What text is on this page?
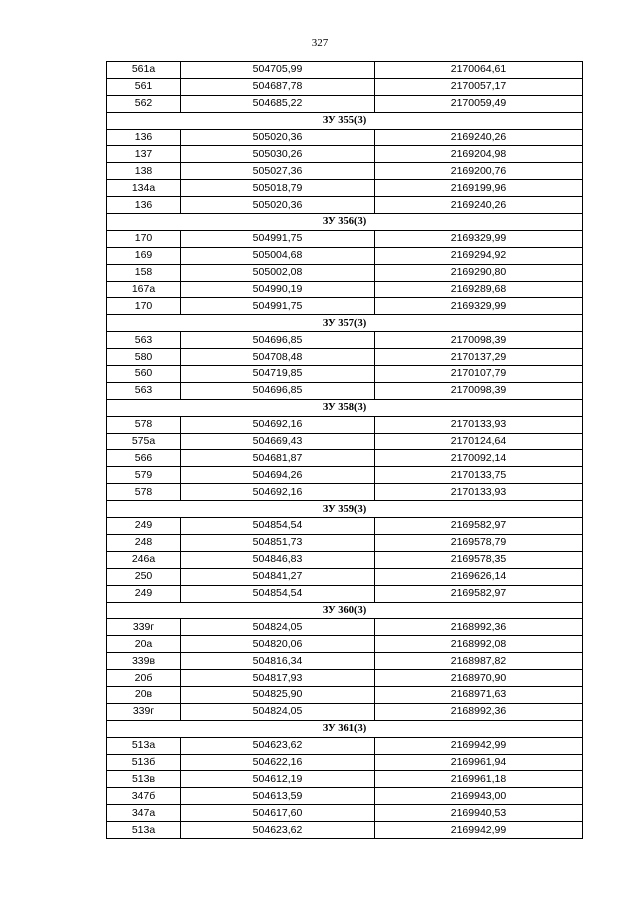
327
561а	504705,99	2170064,61
561	504687,78	2170057,17
562	504685,22	2170059,49
ЗУ 355(3)		
136	505020,36	2169240,26
137	505030,26	2169204,98
138	505027,36	2169200,76
134а	505018,79	2169199,96
136	505020,36	2169240,26
ЗУ 356(3)		
170	504991,75	2169329,99
169	505004,68	2169294,92
158	505002,08	2169290,80
167а	504990,19	2169289,68
170	504991,75	2169329,99
ЗУ 357(3)		
563	504696,85	2170098,39
580	504708,48	2170137,29
560	504719,85	2170107,79
563	504696,85	2170098,39
ЗУ 358(3)		
578	504692,16	2170133,93
575а	504669,43	2170124,64
566	504681,87	2170092,14
579	504694,26	2170133,75
578	504692,16	2170133,93
ЗУ 359(3)		
249	504854,54	2169582,97
248	504851,73	2169578,79
246а	504846,83	2169578,35
250	504841,27	2169626,14
249	504854,54	2169582,97
ЗУ 360(3)		
339г	504824,05	2168992,36
20а	504820,06	2168992,08
339в	504816,34	2168987,82
20б	504817,93	2168970,90
20в	504825,90	2168971,63
339г	504824,05	2168992,36
ЗУ 361(3)		
513а	504623,62	2169942,99
513б	504622,16	2169961,94
513в	504612,19	2169961,18
347б	504613,59	2169943,00
347а	504617,60	2169940,53
513а	504623,62	2169942,99
